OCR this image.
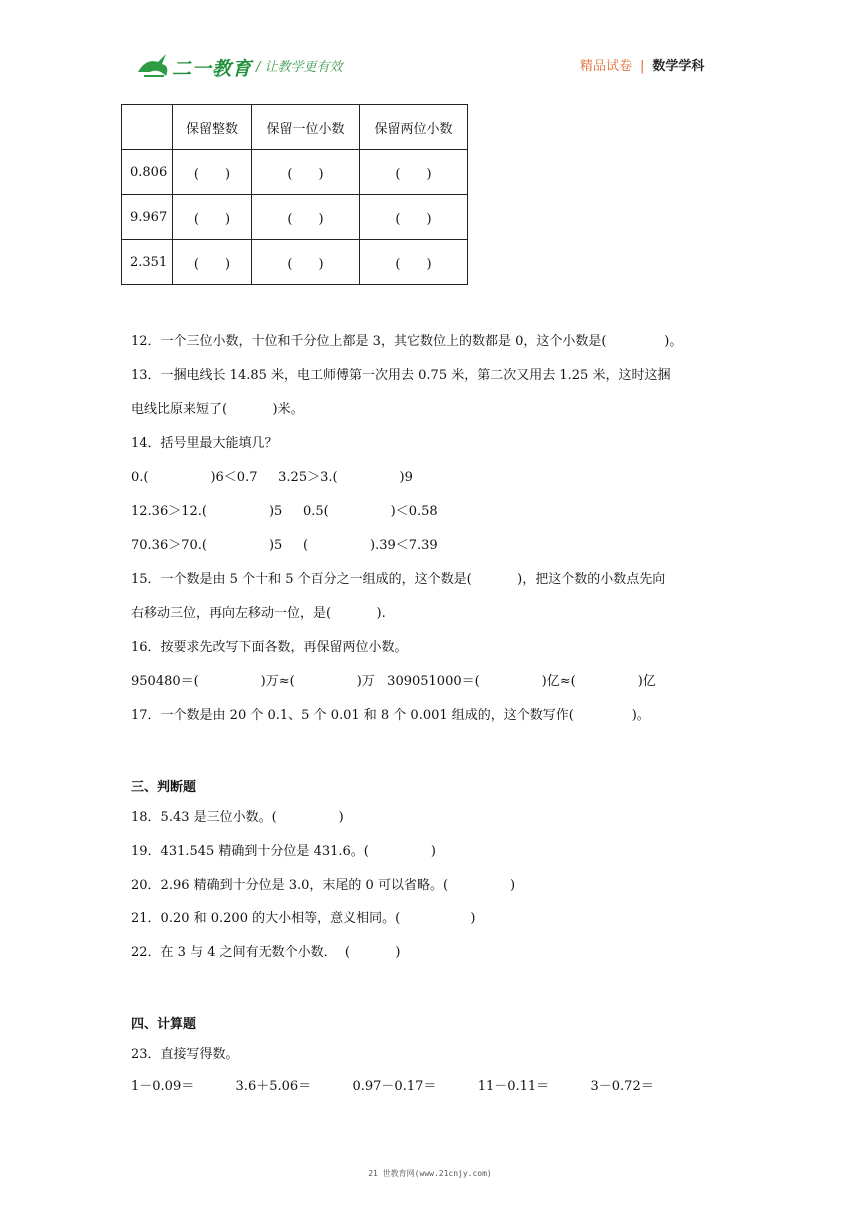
二一教育 / 让教学更有效	精品试卷 | 数学学科
	保留整数	保留一位小数	保留两位小数
0.806	(　　)	(　　)	(　　)
9.967	(　　)	(　　)	(　　)
2.351	(　　)	(　　)	(　　)
12．一个三位小数，十位和千分位上都是 3，其它数位上的数都是 0，这个小数是(              )。
13．一捆电线长 14.85 米，电工师傅第一次用去 0.75 米，第二次又用去 1.25 米，这时这捆
电线比原来短了(           )米。
14．括号里最大能填几？
0.(               )6＜0.7     3.25＞3.(               )9
12.36＞12.(               )5     0.5(               )＜0.58
70.36＞70.(               )5     (               ).39＜7.39
15．一个数是由 5 个十和 5 个百分之一组成的，这个数是(           )，把这个数的小数点先向
右移动三位，再向左移动一位，是(           ).
16．按要求先改写下面各数，再保留两位小数。
950480＝(               )万≈(               )万   309051000＝(               )亿≈(               )亿
17．一个数是由 20 个 0.1、5 个 0.01 和 8 个 0.001 组成的，这个数写作(              )。
三、判断题
18．5.43 是三位小数。(               )
19．431.545 精确到十分位是 431.6。(               )
20．2.96 精确到十分位是 3.0，末尾的 0 可以省略。(               )
21．0.20 和 0.200 的大小相等，意义相同。(                 )
22．在 3 与 4 之间有无数个小数．  (           )
四、计算题
23．直接写得数。
1－0.09＝          3.6＋5.06＝          0.97－0.17＝          11－0.11＝          3－0.72＝
21 世教育网(www.21cnjy.com)
